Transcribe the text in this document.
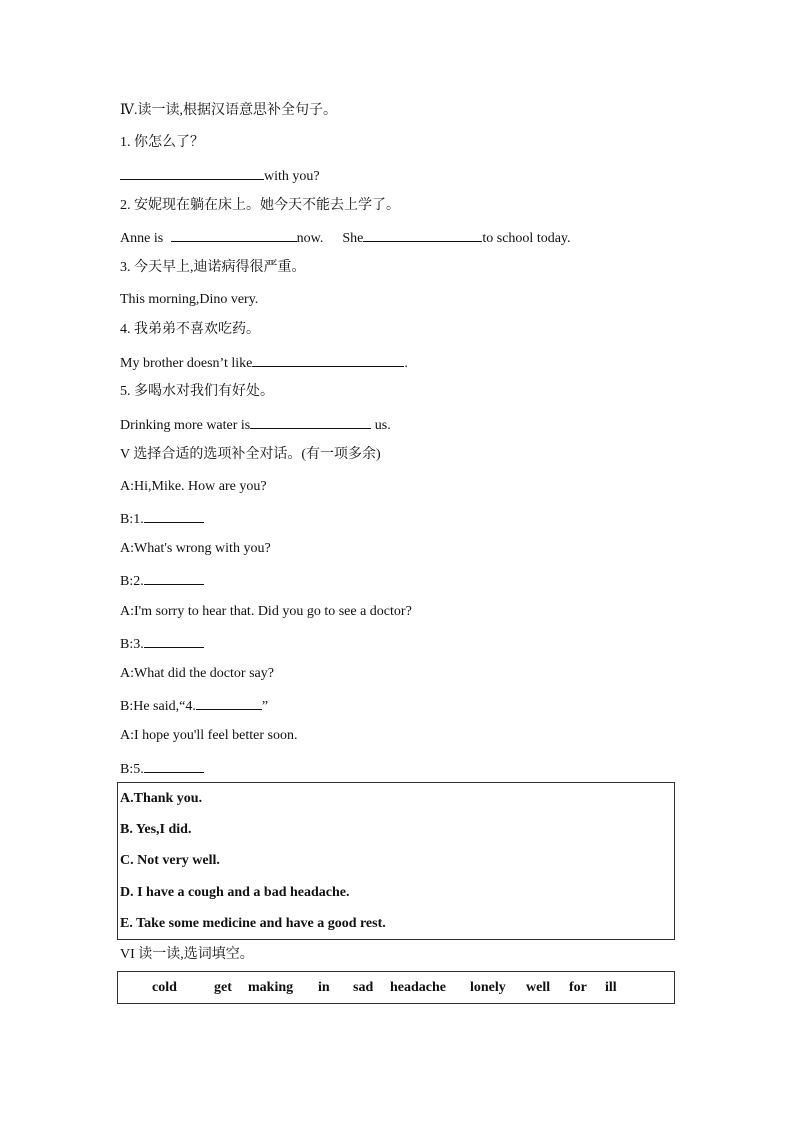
Ⅳ.读一读,根据汉语意思补全句子。
1. 你怎么了？
with you?
2. 安妮现在躺在床上。她今天不能去上学了。
Anne is	now. She	to school today.
3. 今天早上,迪诺病得很严重。
This morning,Dino very.
4. 我弟弟不喜欢吃药。
My brother doesn’t like	.
5. 多喝水对我们有好处。
Drinking more water is	us.
V 选择合适的选项补全对话。(有一项多余)
A:Hi,Mike. How are you?
B:1.
A:What's wrong with you?
B:2.
A:I'm sorry to hear that. Did you go to see a doctor?
B:3.
A:What did the doctor say?
B:He said,“4.	”
A:I hope you'll feel better soon.
B:5.
A.Thank you.
B. Yes,I did.
C. Not very well.
D. I have a cough and a bad headache.
E. Take some medicine and have a good rest.
VI 读一读,选词填空。
cold	get	making	in	sad	headache	lonely	well	for	ill
